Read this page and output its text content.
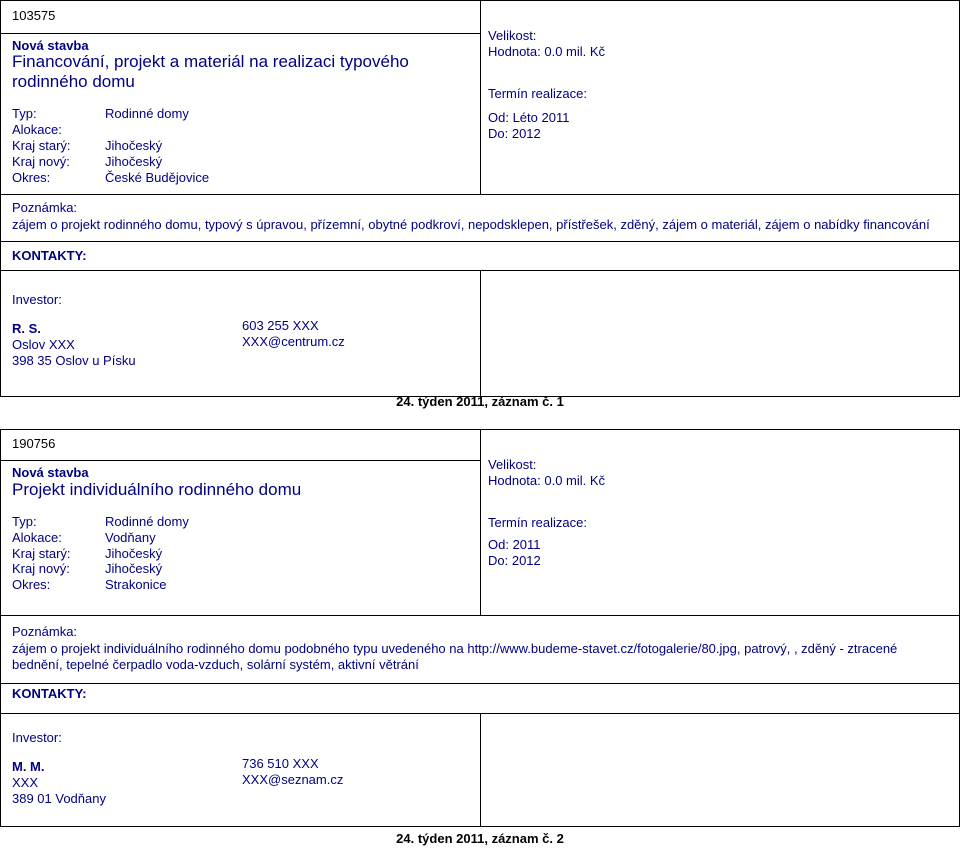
103575
Nová stavba
Financování, projekt a materiál na realizaci typového
rodinného domu
Typ:	Rodinné domy
Alokace:
Kraj starý:	Jihočeský
Kraj nový:	Jihočeský
Okres:	České Budějovice
Velikost:
Hodnota: 0.0 mil. Kč
Termín realizace:
Od: Léto 2011
Do: 2012
Poznámka:
zájem o projekt rodinného domu, typový s úpravou, přízemní, obytné podkroví, nepodsklepen, přístřešek, zděný, zájem o materiál, zájem o nabídky financování
KONTAKTY:
Investor:
R. S.
Oslov XXX
398 35 Oslov u Písku
603 255 XXX
XXX@centrum.cz
24. týden 2011, záznam č. 1
190756
Nová stavba
Projekt individuálního rodinného domu
Typ:	Rodinné domy
Alokace:	Vodňany
Kraj starý:	Jihočeský
Kraj nový:	Jihočeský
Okres:	Strakonice
Velikost:
Hodnota: 0.0 mil. Kč
Termín realizace:
Od: 2011
Do: 2012
Poznámka:
zájem o projekt individuálního rodinného domu podobného typu uvedeného na http://www.budeme-stavet.cz/fotogalerie/80.jpg, patrový, , zděný - ztracené
bednění, tepelné čerpadlo voda-vzduch, solární systém, aktivní větrání
KONTAKTY:
Investor:
M. M.
XXX
389 01 Vodňany
736 510 XXX
XXX@seznam.cz
24. týden 2011, záznam č. 2
